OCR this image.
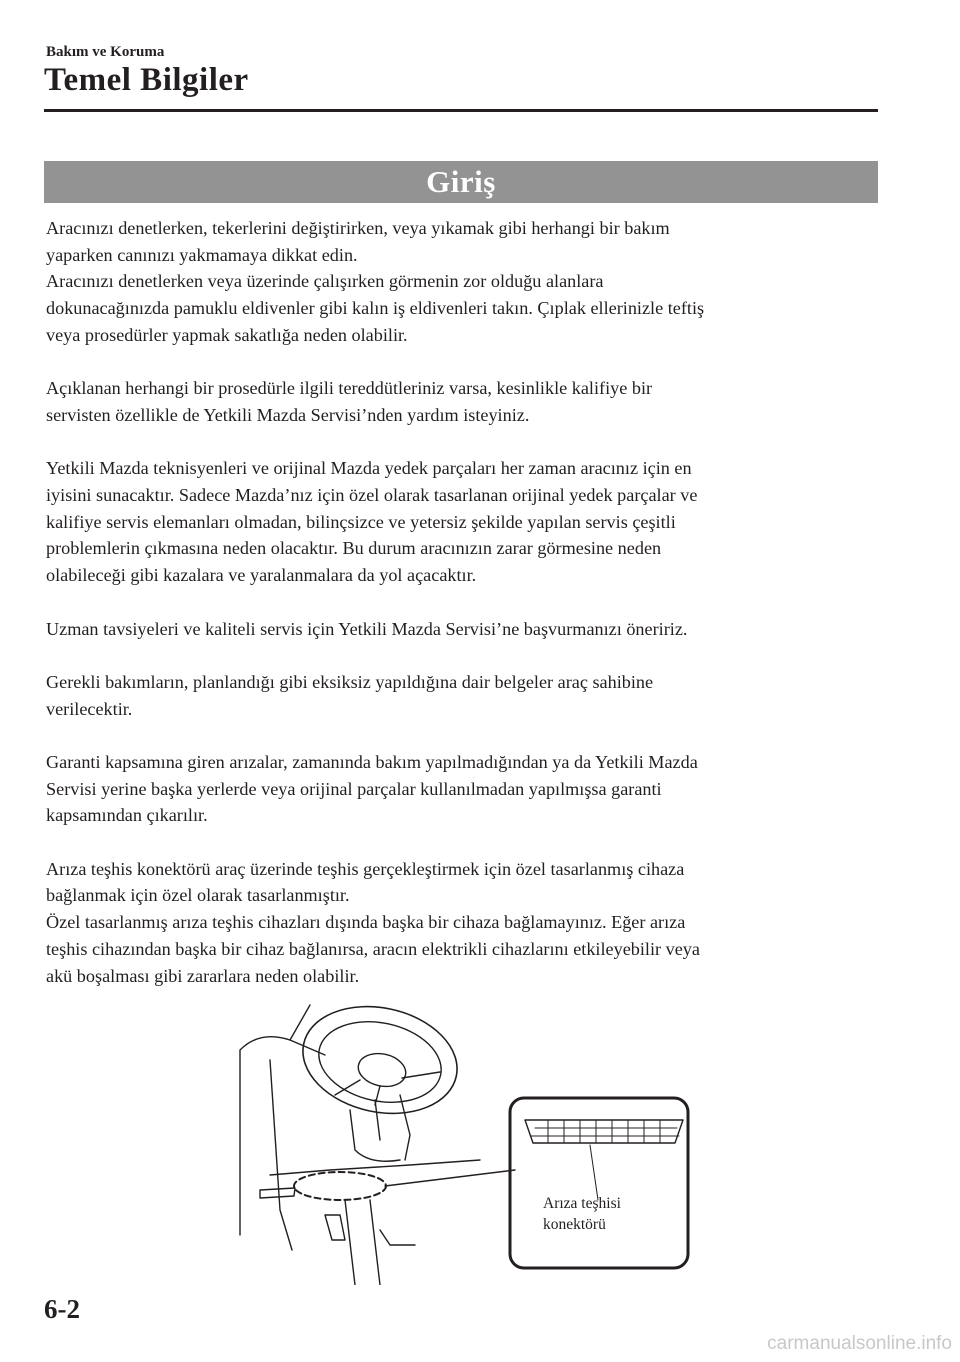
Bakım ve Koruma
Temel Bilgiler
Giriş

Aracınızı denetlerken, tekerlerini değiştirirken, veya yıkamak gibi herhangi bir bakım
yaparken canınızı yakmamaya dikkat edin.
Aracınızı denetlerken veya üzerinde çalışırken görmenin zor olduğu alanlara
dokunacağınızda pamuklu eldivenler gibi kalın iş eldivenleri takın. Çıplak ellerinizle teftiş
veya prosedürler yapmak sakatlığa neden olabilir.

Açıklanan herhangi bir prosedürle ilgili tereddütleriniz varsa, kesinlikle kalifiye bir
servisten özellikle de Yetkili Mazda Servisi’nden yardım isteyiniz.

Yetkili Mazda teknisyenleri ve orijinal Mazda yedek parçaları her zaman aracınız için en
iyisini sunacaktır. Sadece Mazda’nız için özel olarak tasarlanan orijinal yedek parçalar ve
kalifiye servis elemanları olmadan, bilinçsizce ve yetersiz şekilde yapılan servis çeşitli
problemlerin çıkmasına neden olacaktır. Bu durum aracınızın zarar görmesine neden
olabileceği gibi kazalara ve yaralanmalara da yol açacaktır.

Uzman tavsiyeleri ve kaliteli servis için Yetkili Mazda Servisi’ne başvurmanızı öneririz.

Gerekli bakımların, planlandığı gibi eksiksiz yapıldığına dair belgeler araç sahibine
verilecektir.

Garanti kapsamına giren arızalar, zamanında bakım yapılmadığından ya da Yetkili Mazda
Servisi yerine başka yerlerde veya orijinal parçalar kullanılmadan yapılmışsa garanti
kapsamından çıkarılır.

Arıza teşhis konektörü araç üzerinde teşhis gerçekleştirmek için özel tasarlanmış cihaza
bağlanmak için özel olarak tasarlanmıştır.
Özel tasarlanmış arıza teşhis cihazları dışında başka bir cihaza bağlamayınız. Eğer arıza
teşhis cihazından başka bir cihaz bağlanırsa, aracın elektrikli cihazlarını etkileyebilir veya
akü boşalması gibi zararlara neden olabilir.

Arıza teşhisi
konektörü
6-2
carmanualsonline.info
